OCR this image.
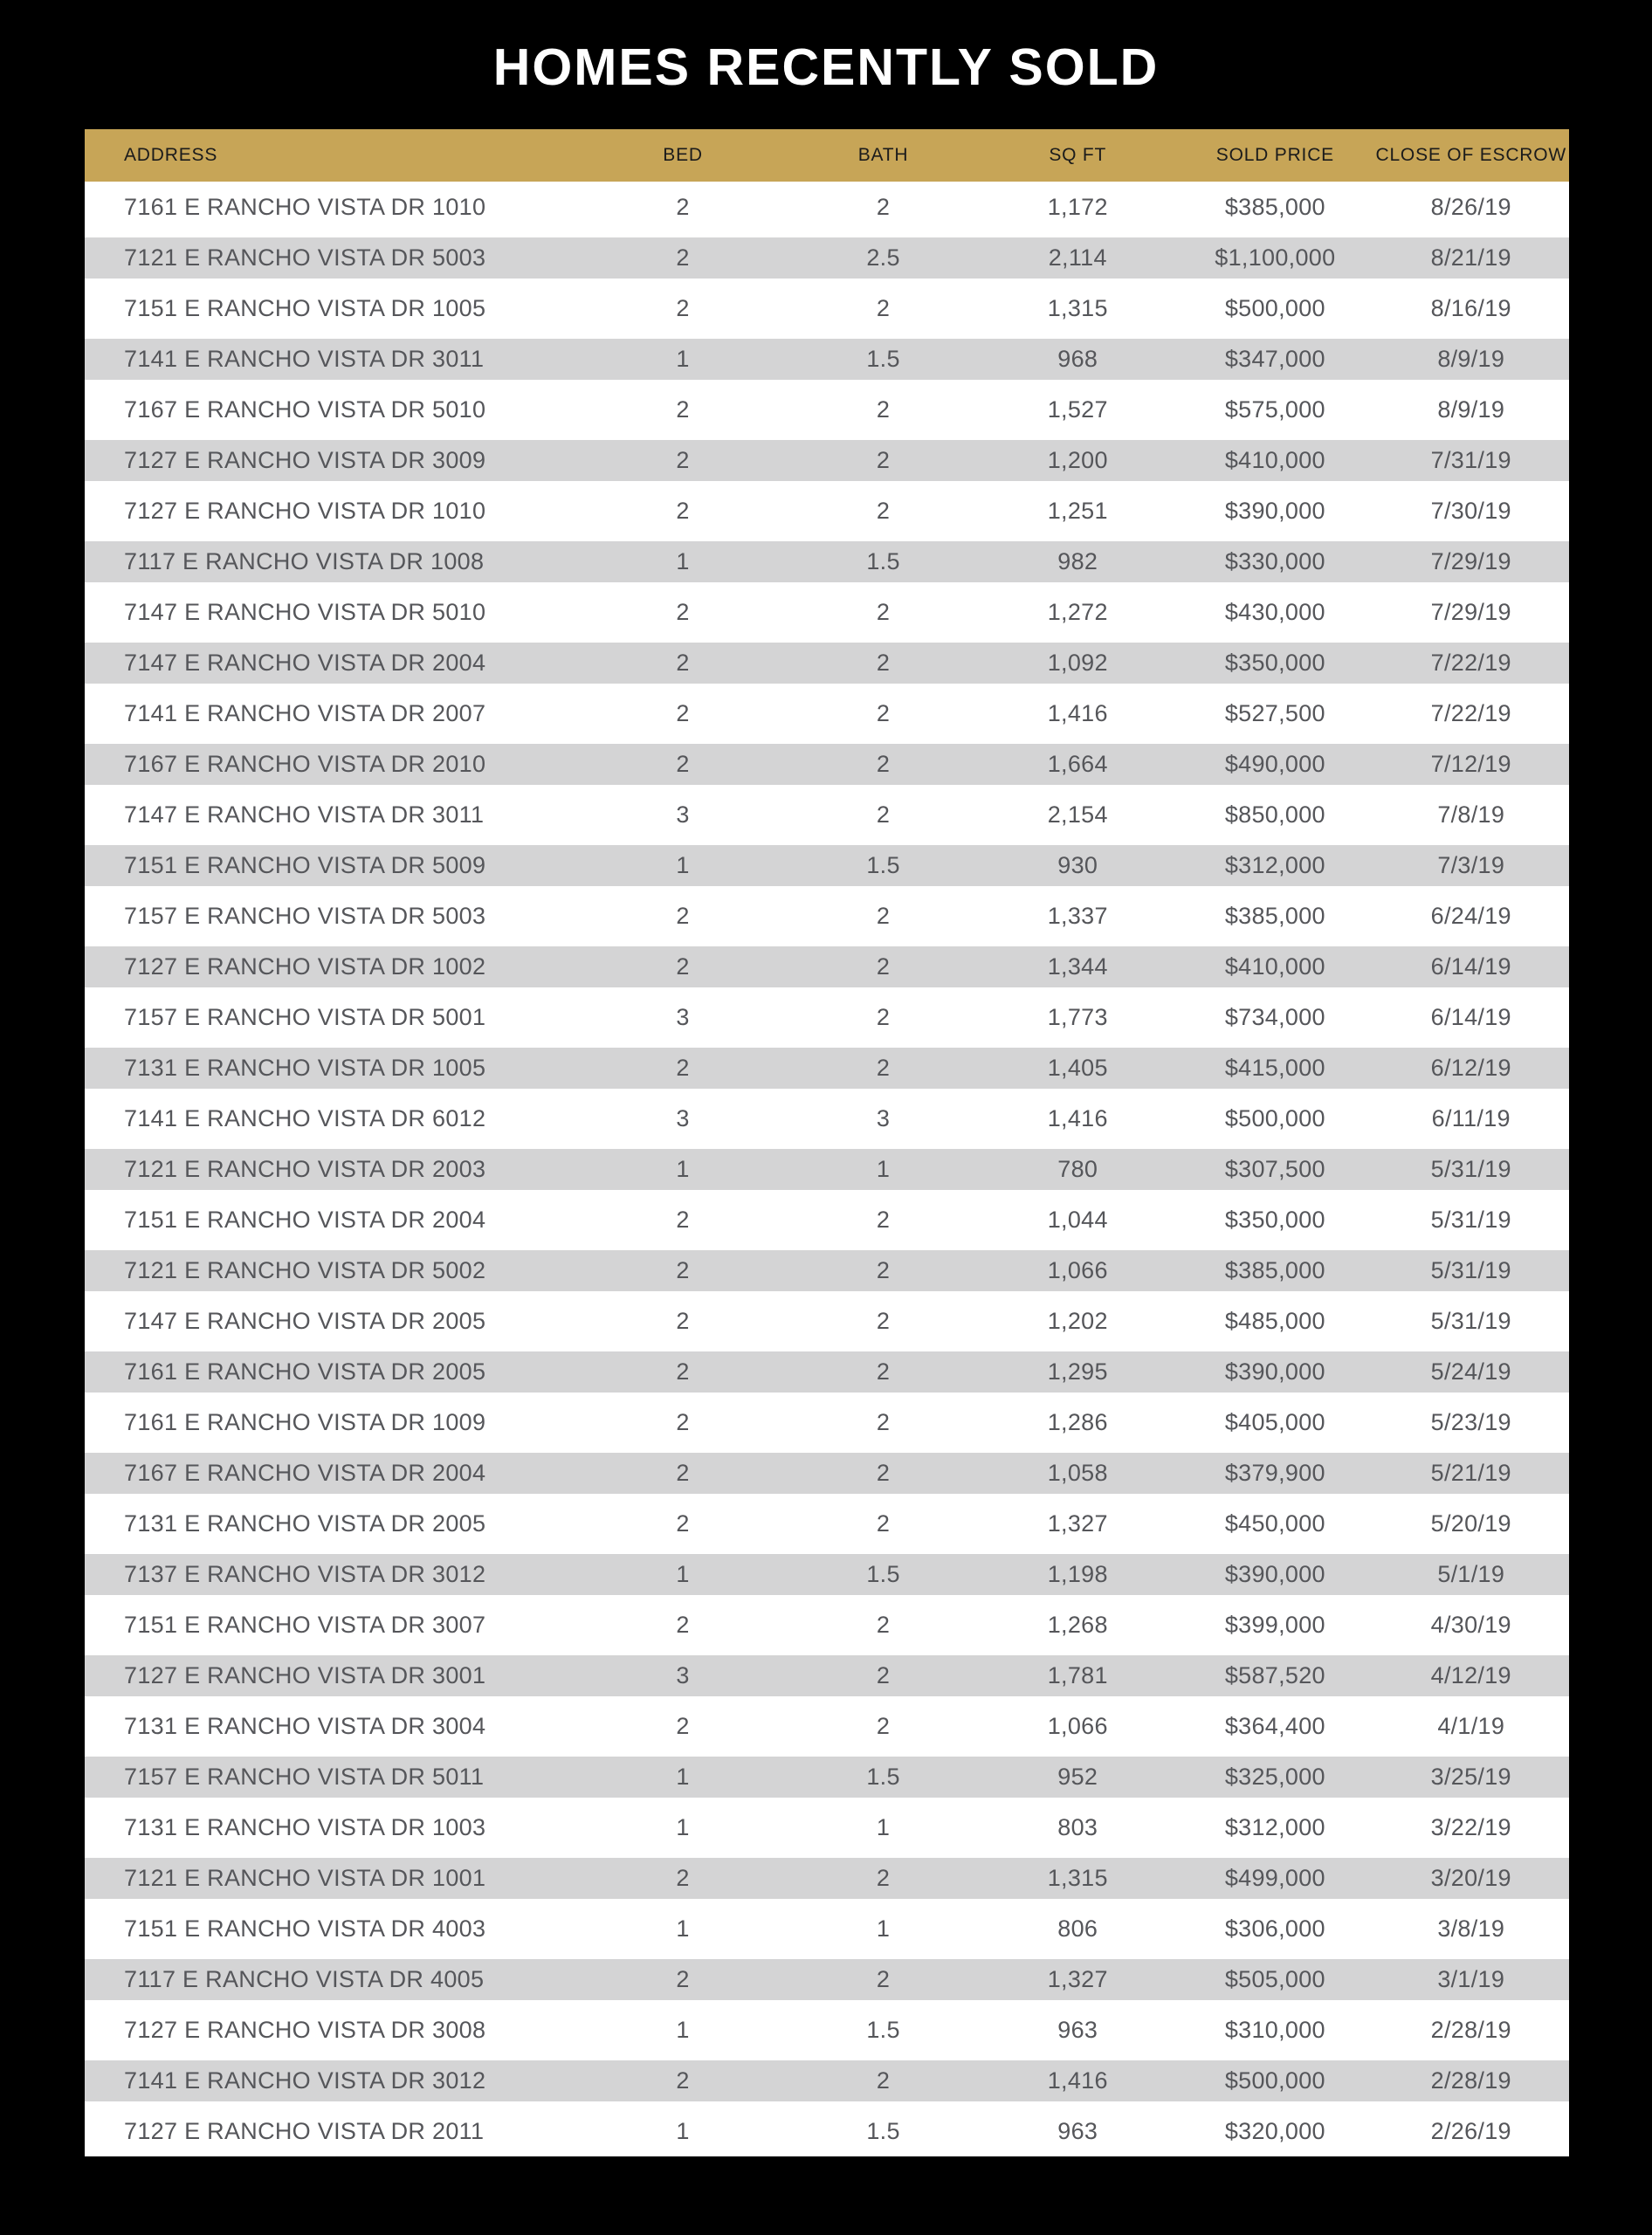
HOMES RECENTLY SOLD
ADDRESS	BED	BATH	SQ FT	SOLD PRICE	CLOSE OF ESCROW
7161 E RANCHO VISTA DR 1010	2	2	1,172	$385,000	8/26/19
7121 E RANCHO VISTA DR 5003	2	2.5	2,114	$1,100,000	8/21/19
7151 E RANCHO VISTA DR 1005	2	2	1,315	$500,000	8/16/19
7141 E RANCHO VISTA DR 3011	1	1.5	968	$347,000	8/9/19
7167 E RANCHO VISTA DR 5010	2	2	1,527	$575,000	8/9/19
7127 E RANCHO VISTA DR 3009	2	2	1,200	$410,000	7/31/19
7127 E RANCHO VISTA DR 1010	2	2	1,251	$390,000	7/30/19
7117 E RANCHO VISTA DR 1008	1	1.5	982	$330,000	7/29/19
7147 E RANCHO VISTA DR 5010	2	2	1,272	$430,000	7/29/19
7147 E RANCHO VISTA DR 2004	2	2	1,092	$350,000	7/22/19
7141 E RANCHO VISTA DR 2007	2	2	1,416	$527,500	7/22/19
7167 E RANCHO VISTA DR 2010	2	2	1,664	$490,000	7/12/19
7147 E RANCHO VISTA DR 3011	3	2	2,154	$850,000	7/8/19
7151 E RANCHO VISTA DR 5009	1	1.5	930	$312,000	7/3/19
7157 E RANCHO VISTA DR 5003	2	2	1,337	$385,000	6/24/19
7127 E RANCHO VISTA DR 1002	2	2	1,344	$410,000	6/14/19
7157 E RANCHO VISTA DR 5001	3	2	1,773	$734,000	6/14/19
7131 E RANCHO VISTA DR 1005	2	2	1,405	$415,000	6/12/19
7141 E RANCHO VISTA DR 6012	3	3	1,416	$500,000	6/11/19
7121 E RANCHO VISTA DR 2003	1	1	780	$307,500	5/31/19
7151 E RANCHO VISTA DR 2004	2	2	1,044	$350,000	5/31/19
7121 E RANCHO VISTA DR 5002	2	2	1,066	$385,000	5/31/19
7147 E RANCHO VISTA DR 2005	2	2	1,202	$485,000	5/31/19
7161 E RANCHO VISTA DR 2005	2	2	1,295	$390,000	5/24/19
7161 E RANCHO VISTA DR 1009	2	2	1,286	$405,000	5/23/19
7167 E RANCHO VISTA DR 2004	2	2	1,058	$379,900	5/21/19
7131 E RANCHO VISTA DR 2005	2	2	1,327	$450,000	5/20/19
7137 E RANCHO VISTA DR 3012	1	1.5	1,198	$390,000	5/1/19
7151 E RANCHO VISTA DR 3007	2	2	1,268	$399,000	4/30/19
7127 E RANCHO VISTA DR 3001	3	2	1,781	$587,520	4/12/19
7131 E RANCHO VISTA DR 3004	2	2	1,066	$364,400	4/1/19
7157 E RANCHO VISTA DR 5011	1	1.5	952	$325,000	3/25/19
7131 E RANCHO VISTA DR 1003	1	1	803	$312,000	3/22/19
7121 E RANCHO VISTA DR 1001	2	2	1,315	$499,000	3/20/19
7151 E RANCHO VISTA DR 4003	1	1	806	$306,000	3/8/19
7117 E RANCHO VISTA DR 4005	2	2	1,327	$505,000	3/1/19
7127 E RANCHO VISTA DR 3008	1	1.5	963	$310,000	2/28/19
7141 E RANCHO VISTA DR 3012	2	2	1,416	$500,000	2/28/19
7127 E RANCHO VISTA DR 2011	1	1.5	963	$320,000	2/26/19
